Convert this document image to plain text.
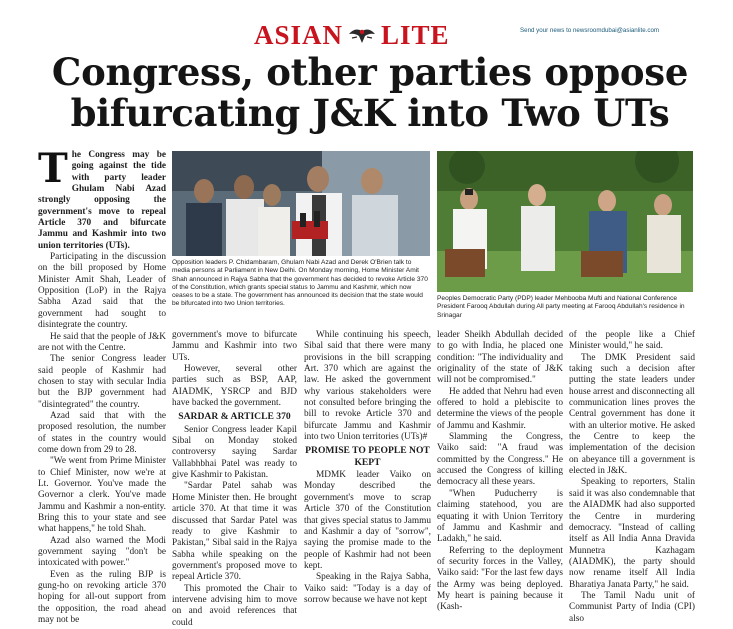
ASIAN LITE	Send your news to newsroomdubai@asianlite.com
Congress, other parties oppose bifurcating J&K into Two UTs

The Congress may be going against the tide with party leader Ghulam Nabi Azad strongly opposing the government's move to repeal Article 370 and bifurcate Jammu and Kashmir into two union territories (UTs).

Participating in the discussion on the bill proposed by Home Minister Amit Shah, Leader of Opposition (LoP) in the Rajya Sabha Azad said that the government had sought to disintegrate the country.

He said that the people of J&K are not with the Centre.

The senior Congress leader said people of Kashmir had chosen to stay with secular India but the BJP government had "disintegrated" the country.

Azad said that with the proposed resolution, the number of states in the country would come down from 29 to 28.

"We went from Prime Minister to Chief Minister, now we're at Lt. Governor. You've made the Governor a clerk. You've made Jammu and Kashmir a non-entity. Bring this to your state and see what happens," he told Shah.

Azad also warned the Modi government saying "don't be intoxicated with power."

Even as the ruling BJP is gung-ho on revoking article 370 hoping for all-out support from the opposition, the road ahead may not be

Opposition leaders P. Chidambaram, Ghulam Nabi Azad and Derek O'Brien talk to media persons at Parliament in New Delhi. On Monday morning, Home Minister Amit Shah announced in Rajya Sabha that the government has decided to revoke Article 370 of the Constitution, which grants special status to Jammu and Kashmir, which now ceases to be a state. The government has announced its decision that the state would be bifurcated into two Union territories.
Peoples Democratic Party (PDP) leader Mehbooba Mufti and National Conference President Farooq Abdullah during All party meeting at Farooq Abdullah's residence in Srinagar

government's move to bifurcate Jammu and Kashmir into two UTs.

However, several other parties such as BSP, AAP, AIADMK, YSRCP and BJD have backed the government.

SARDAR & ARTICLE 370

Senior Congress leader Kapil Sibal on Monday stoked controversy saying Sardar Vallabhbhai Patel was ready to give Kashmir to Pakistan.

"Sardar Patel sahab was Home Minister then. He brought article 370. At that time it was discussed that Sardar Patel was ready to give Kashmir to Pakistan," Sibal said in the Rajya Sabha while speaking on the government's proposed move to repeal Article 370.

This promoted the Chair to intervene advising him to move on and avoid references that could

While continuing his speech, Sibal said that there were many provisions in the bill scrapping Art. 370 which are against the law. He asked the government why various stakeholders were not consulted before bringing the bill to revoke Article 370 and bifurcate Jammu and Kashmir into two Union territories (UTs)#

PROMISE TO PEOPLE NOT KEPT

MDMK leader Vaiko on Monday described the government's move to scrap Article 370 of the Constitution that gives special status to Jammu and Kashmir a day of "sorrow", saying the promise made to the people of Kashmir had not been kept.

Speaking in the Rajya Sabha, Vaiko said: "Today is a day of sorrow because we have not kept

leader Sheikh Abdullah decided to go with India, he placed one condition: "The individuality and originality of the state of J&K will not be compromised."

He added that Nehru had even offered to hold a plebiscite to determine the views of the people of Jammu and Kashmir.

Slamming the Congress, Vaiko said: "A fraud was committed by the Congress." He accused the Congress of killing democracy all these years.

"When Puducherry is claiming statehood, you are equating it with Union Territory of Jammu and Kashmir and Ladakh," he said.

Referring to the deployment of security forces in the Valley, Vaiko said: "For the last few days the Army was being deployed. My heart is paining because it (Kash-

of the people like a Chief Minister would," he said.

The DMK President said taking such a decision after putting the state leaders under house arrest and disconnecting all communication lines proves the Central government has done it with an ulterior motive. He asked the Centre to keep the implementation of the decision on abeyance till a government is elected in J&K.

Speaking to reporters, Stalin said it was also condemnable that the AIADMK had also supported the Centre in murdering democracy. "Instead of calling itself as All India Anna Dravida Munnetra Kazhagam (AIADMK), the party should now rename itself All India Bharatiya Janata Party," he said.

The Tamil Nadu unit of Communist Party of India (CPI) also
